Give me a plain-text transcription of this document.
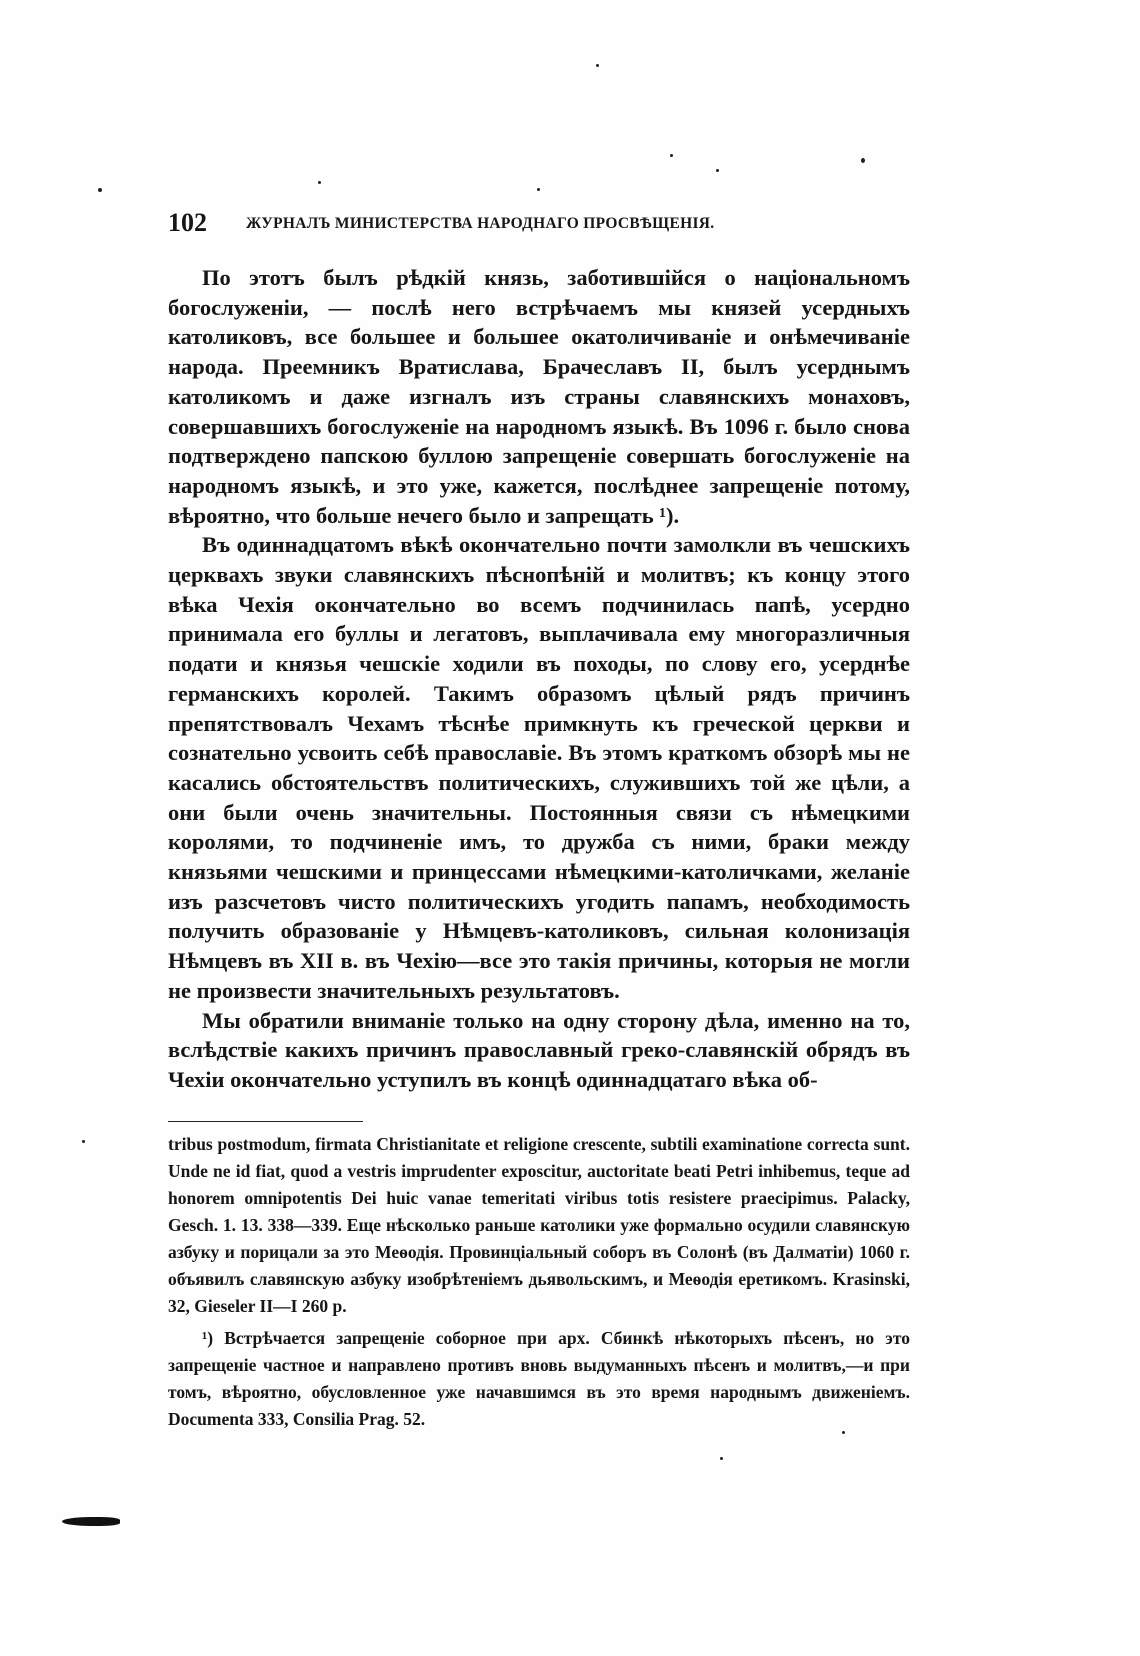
102	ЖУРНАЛЪ МИНИСТЕРСТВА НАРОДНАГО ПРОСВѢЩЕНІЯ.

По этотъ былъ рѣдкій князь, заботившійся о національномъ богослуженіи, — послѣ него встрѣчаемъ мы князей усердныхъ католиковъ, все большее и большее окатоличиваніе и онѣмечиваніе народа. Преемникъ Вратислава, Брачеславъ II, былъ усерднымъ католикомъ и даже изгналъ изъ страны славянскихъ монаховъ, совершавшихъ богослуженіе на народномъ языкѣ. Въ 1096 г. было снова подтверждено папскою буллою запрещеніе совершать богослуженіе на народномъ языкѣ, и это уже, кажется, послѣднее запрещеніе потому, вѣроятно, что больше нечего было и запрещать ¹).

Въ одиннадцатомъ вѣкѣ окончательно почти замолкли въ чешскихъ церквахъ звуки славянскихъ пѣснопѣній и молитвъ; къ концу этого вѣка Чехія окончательно во всемъ подчинилась папѣ, усердно принимала его буллы и легатовъ, выплачивала ему многоразличныя подати и князья чешскіе ходили въ походы, по слову его, усерднѣе германскихъ королей. Такимъ образомъ цѣлый рядъ причинъ препятствовалъ Чехамъ тѣснѣе примкнуть къ греческой церкви и сознательно усвоить себѣ православіе. Въ этомъ краткомъ обзорѣ мы не касались обстоятельствъ политическихъ, служившихъ той же цѣли, а они были очень значительны. Постоянныя связи съ нѣмецкими королями, то подчиненіе имъ, то дружба съ ними, браки между князьями чешскими и принцессами нѣмецкими-католичками, желаніе изъ разсчетовъ чисто политическихъ угодить папамъ, необходимость получить образованіе у Нѣмцевъ-католиковъ, сильная колонизація Нѣмцевъ въ XII в. въ Чехію—все это такія причины, которыя не могли не произвести значительныхъ результатовъ.

Мы обратили вниманіе только на одну сторону дѣла, именно на то, вслѣдствіе какихъ причинъ православный греко-славянскій обрядъ въ Чехіи окончательно уступилъ въ концѣ одиннадцатаго вѣка об-

tribus postmodum, firmata Christianitate et religione crescente, subtili examinatione correcta sunt. Unde ne id fiat, quod a vestris imprudenter exposcitur, auctoritate beati Petri inhibemus, teque ad honorem omnipotentis Dei huic vanae temeritati viribus totis resistere praecipimus. Palacky, Gesch. 1. 13. 338—339. Еще нѣсколько раньше католики уже формально осудили славянскую азбуку и порицали за это Меѳодія. Провинціальный соборъ въ Солонѣ (въ Далматіи) 1060 г. объявилъ славянскую азбуку изобрѣтеніемъ дьявольскимъ, и Меѳодія еретикомъ. Krasinski, 32, Gieseler II—I 260 p.

¹) Встрѣчается запрещеніе соборное при арх. Сбинкѣ нѣкоторыхъ пѣсенъ, но это запрещеніе частное и направлено противъ вновь выдуманныхъ пѣсенъ и молитвъ,—и при томъ, вѣроятно, обусловленное уже начавшимся въ это время народнымъ движеніемъ. Documenta 333, Consilia Prag. 52.
